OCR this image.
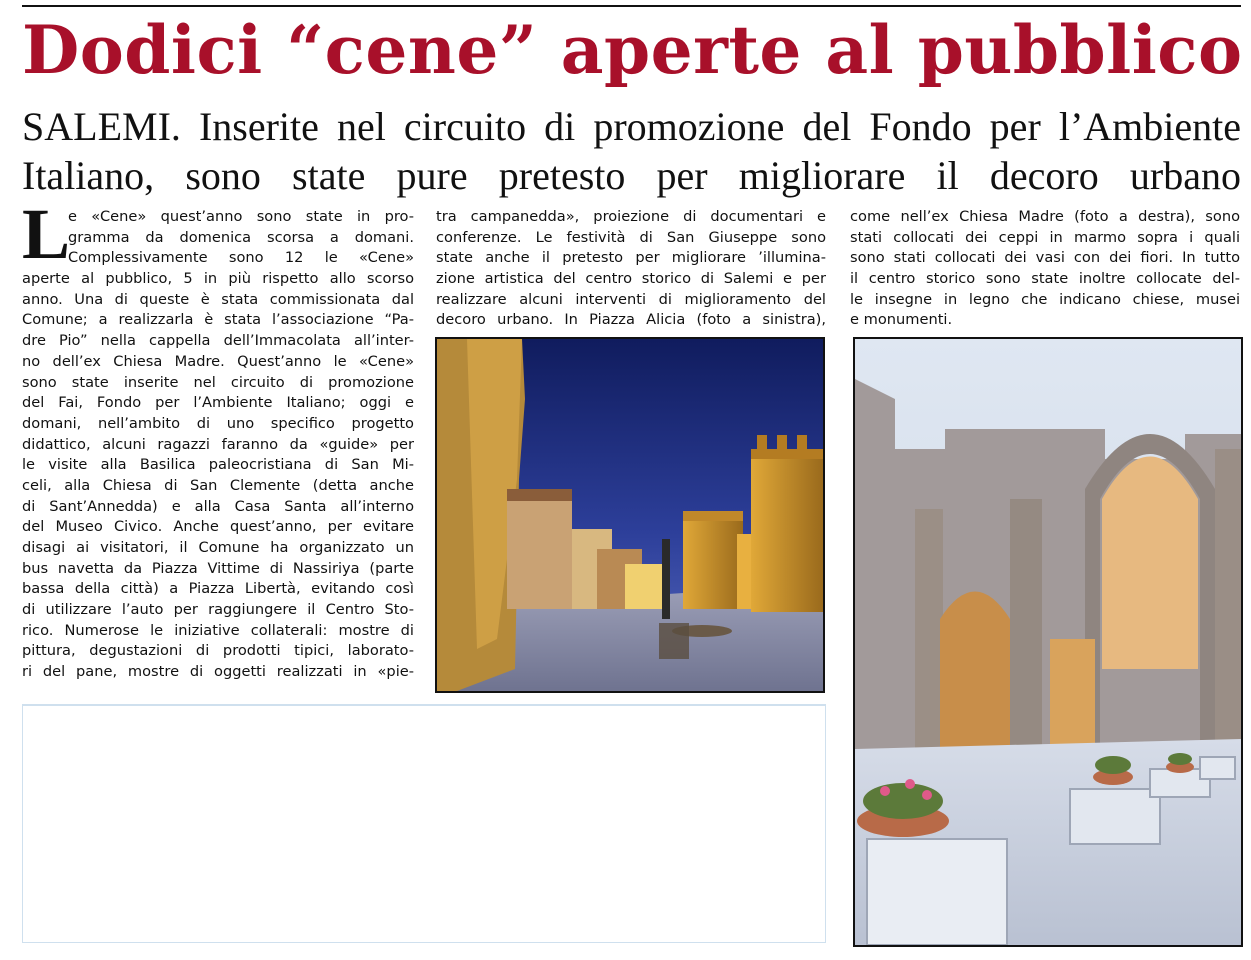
Dodici “cene” aperte al pubblico
SALEMI. Inserite nel circuito di promozione del Fondo per l’Ambiente
Italiano, sono state pure pretesto per migliorare il decoro urbano
L
e «Cene» quest’anno sono state in pro-
gramma da domenica scorsa a domani.
Complessivamente sono 12 le «Cene»
aperte al pubblico, 5 in più rispetto allo scorso
anno. Una di queste è stata commissionata dal
Comune; a realizzarla è stata l’associazione “Pa-
dre Pio” nella cappella dell’Immacolata all’inter-
no dell’ex Chiesa Madre. Quest’anno le «Cene»
sono state inserite nel circuito di promozione
del Fai, Fondo per l’Ambiente Italiano; oggi e
domani, nell’ambito di uno specifico progetto
didattico, alcuni ragazzi faranno da «guide» per
le visite alla Basilica paleocristiana di San Mi-
celi, alla Chiesa di San Clemente (detta anche
di Sant’Annedda) e alla Casa Santa all’interno
del Museo Civico. Anche quest’anno, per evitare
disagi ai visitatori, il Comune ha organizzato un
bus navetta da Piazza Vittime di Nassiriya (parte
bassa della città) a Piazza Libertà, evitando così
di utilizzare l’auto per raggiungere il Centro Sto-
rico. Numerose le iniziative collaterali: mostre di
pittura, degustazioni di prodotti tipici, laborato-
ri del pane, mostre di oggetti realizzati in «pie-
tra campanedda», proiezione di documentari e
conferenze. Le festività di San Giuseppe sono
state anche il pretesto per migliorare ’illumina-
zione artistica del centro storico di Salemi e per
realizzare alcuni interventi di miglioramento del
decoro urbano. In Piazza Alicia (foto a sinistra),
come nell’ex Chiesa Madre (foto a destra), sono
stati collocati dei ceppi in marmo sopra i quali
sono stati collocati dei vasi con dei fiori. In tutto
il centro storico sono state inoltre collocate del-
le insegne in legno che indicano chiese, musei
e monumenti.
